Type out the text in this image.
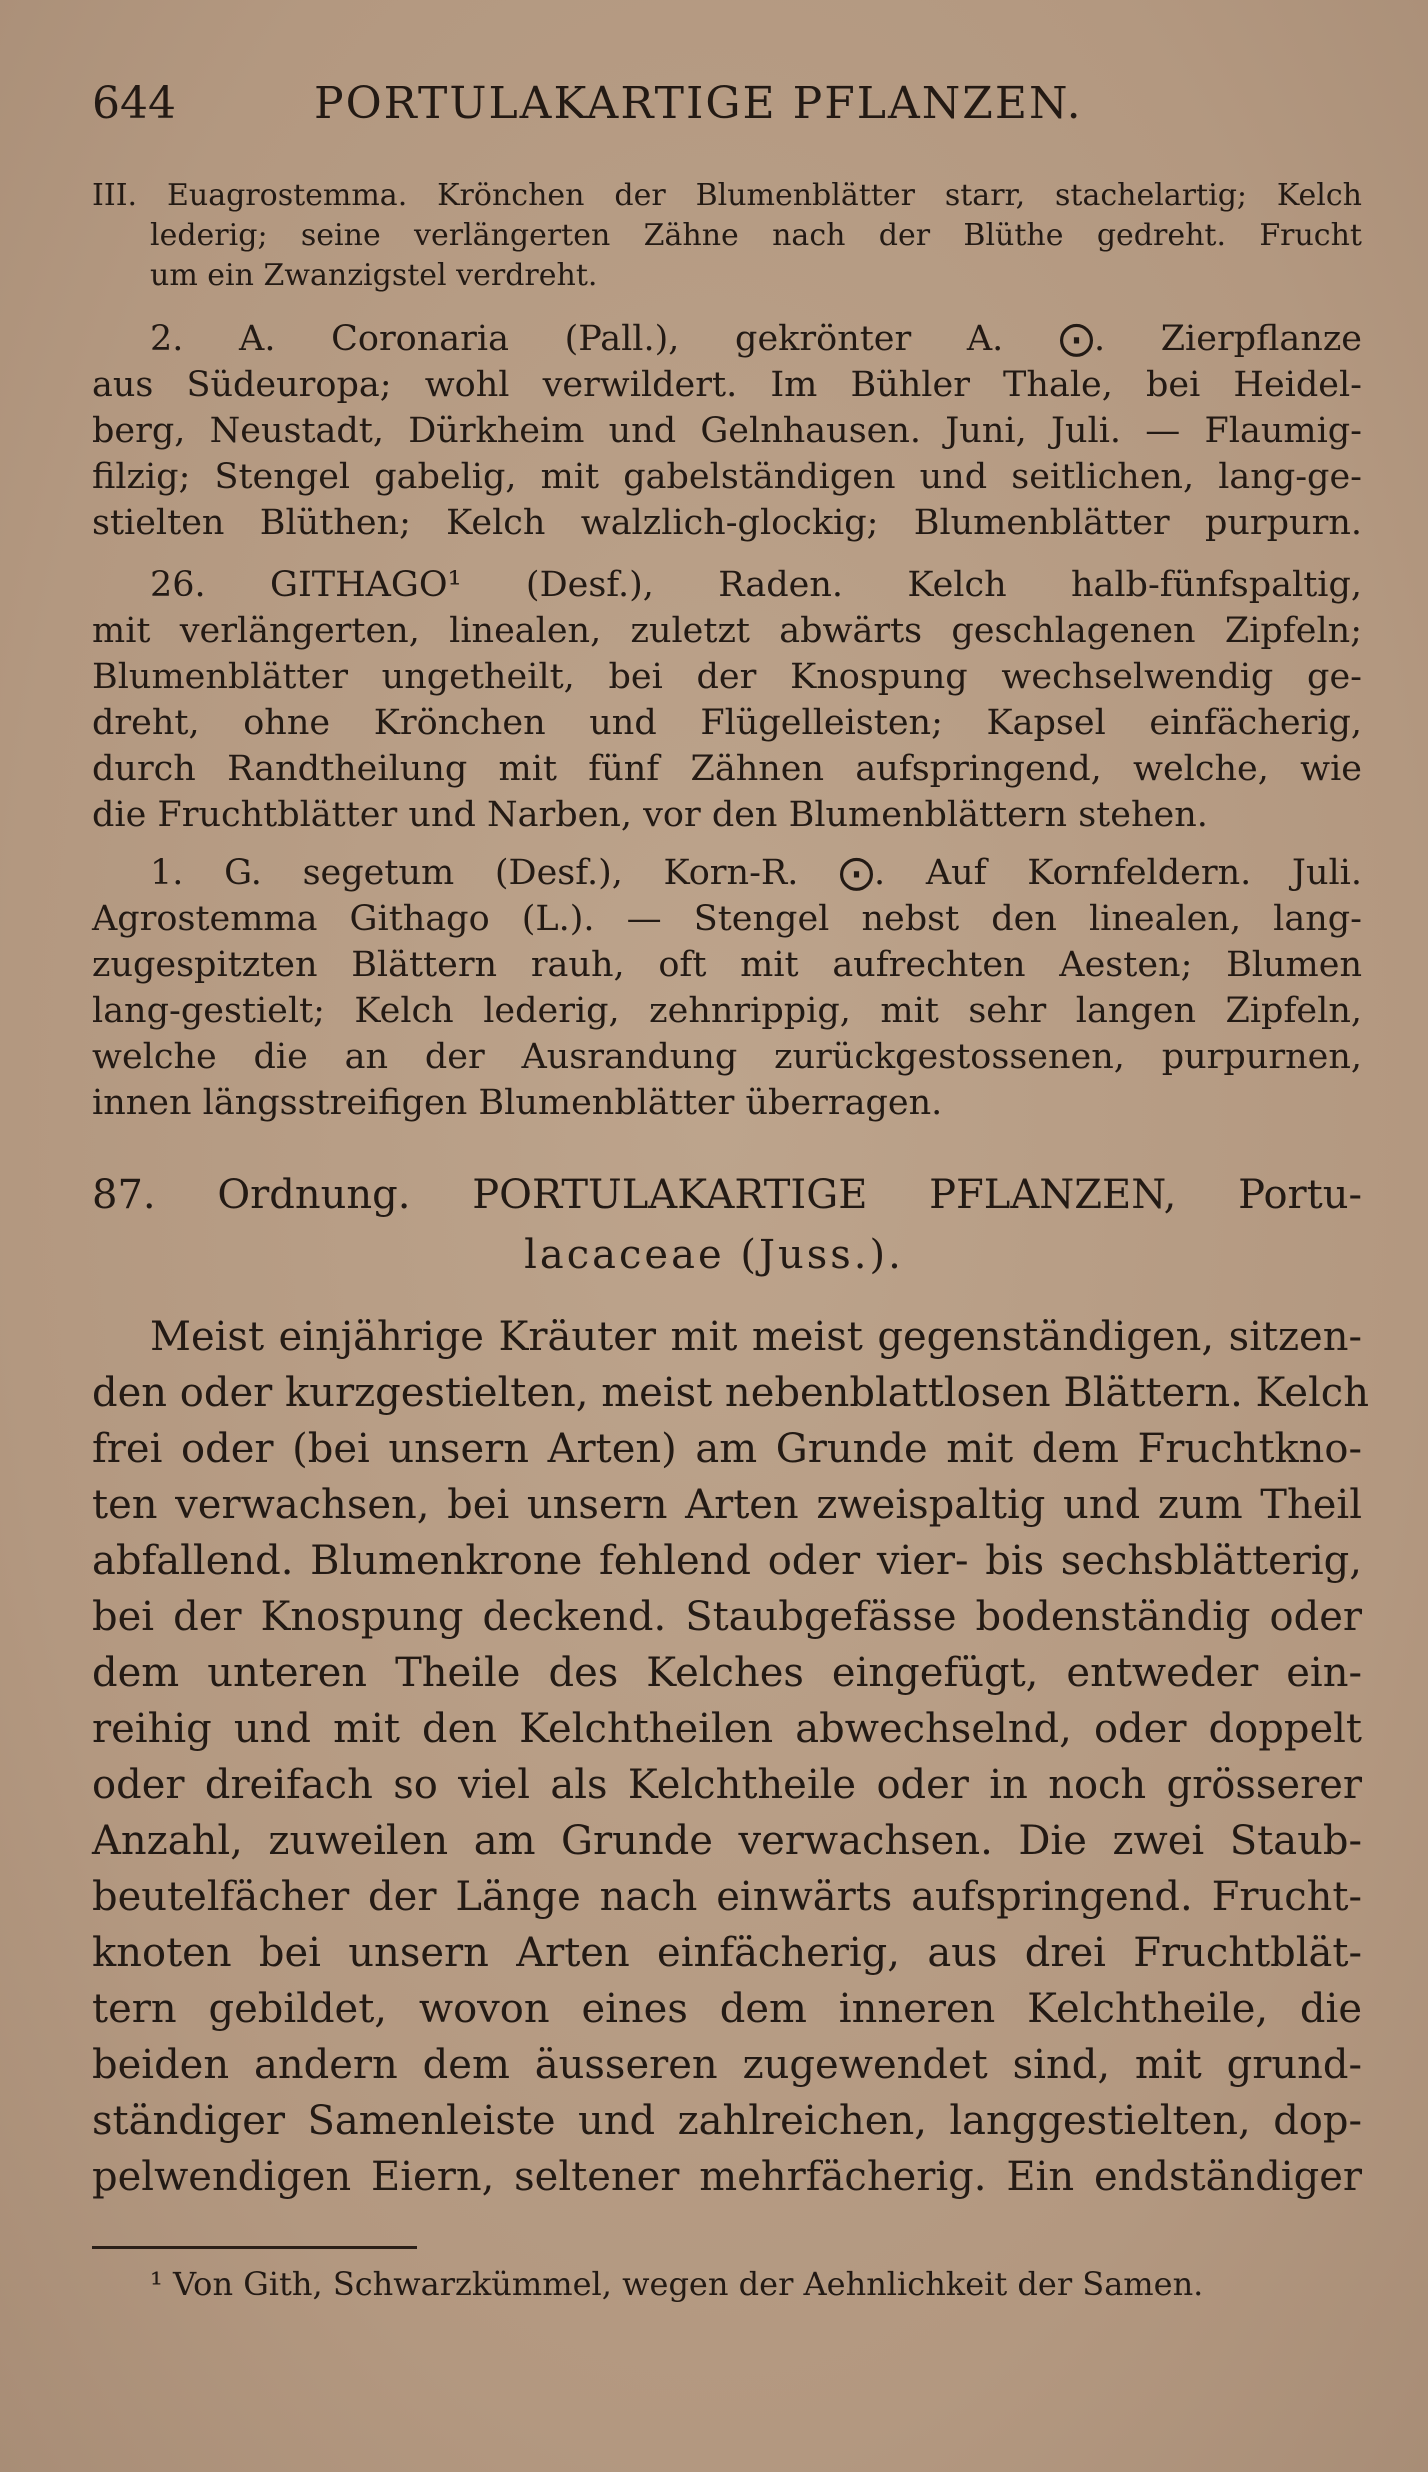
644	PORTULAKARTIGE PFLANZEN.
III. Euagrostemma. Krönchen der Blumenblätter starr, stachelartig; Kelch
lederig; seine verlängerten Zähne nach der Blüthe gedreht. Frucht
um ein Zwanzigstel verdreht.
2. A. Coronaria (Pall.), gekrönter A. ⨀. Zierpflanze
aus Südeuropa; wohl verwildert. Im Bühler Thale, bei Heidel-
berg, Neustadt, Dürkheim und Gelnhausen. Juni, Juli. — Flaumig-
filzig; Stengel gabelig, mit gabelständigen und seitlichen, lang-ge-
stielten Blüthen; Kelch walzlich-glockig; Blumenblätter purpurn.
26. GITHAGO¹ (Desf.), Raden. Kelch halb-fünfspaltig,
mit verlängerten, linealen, zuletzt abwärts geschlagenen Zipfeln;
Blumenblätter ungetheilt, bei der Knospung wechselwendig ge-
dreht, ohne Krönchen und Flügelleisten; Kapsel einfächerig,
durch Randtheilung mit fünf Zähnen aufspringend, welche, wie
die Fruchtblätter und Narben, vor den Blumenblättern stehen.
1. G. segetum (Desf.), Korn-R. ⨀. Auf Kornfeldern. Juli.
Agrostemma Githago (L.). — Stengel nebst den linealen, lang-
zugespitzten Blättern rauh, oft mit aufrechten Aesten; Blumen
lang-gestielt; Kelch lederig, zehnrippig, mit sehr langen Zipfeln,
welche die an der Ausrandung zurückgestossenen, purpurnen,
innen längsstreifigen Blumenblätter überragen.
87. Ordnung. PORTULAKARTIGE PFLANZEN, Portu-
lacaceae (Juss.).
Meist einjährige Kräuter mit meist gegenständigen, sitzen-
den oder kurzgestielten, meist nebenblattlosen Blättern. Kelch
frei oder (bei unsern Arten) am Grunde mit dem Fruchtkno-
ten verwachsen, bei unsern Arten zweispaltig und zum Theil
abfallend. Blumenkrone fehlend oder vier- bis sechsblätterig,
bei der Knospung deckend. Staubgefässe bodenständig oder
dem unteren Theile des Kelches eingefügt, entweder ein-
reihig und mit den Kelchtheilen abwechselnd, oder doppelt
oder dreifach so viel als Kelchtheile oder in noch grösserer
Anzahl, zuweilen am Grunde verwachsen. Die zwei Staub-
beutelfächer der Länge nach einwärts aufspringend. Frucht-
knoten bei unsern Arten einfächerig, aus drei Fruchtblät-
tern gebildet, wovon eines dem inneren Kelchtheile, die
beiden andern dem äusseren zugewendet sind, mit grund-
ständiger Samenleiste und zahlreichen, langgestielten, dop-
pelwendigen Eiern, seltener mehrfächerig. Ein endständiger
¹ Von Gith, Schwarzkümmel, wegen der Aehnlichkeit der Samen.
